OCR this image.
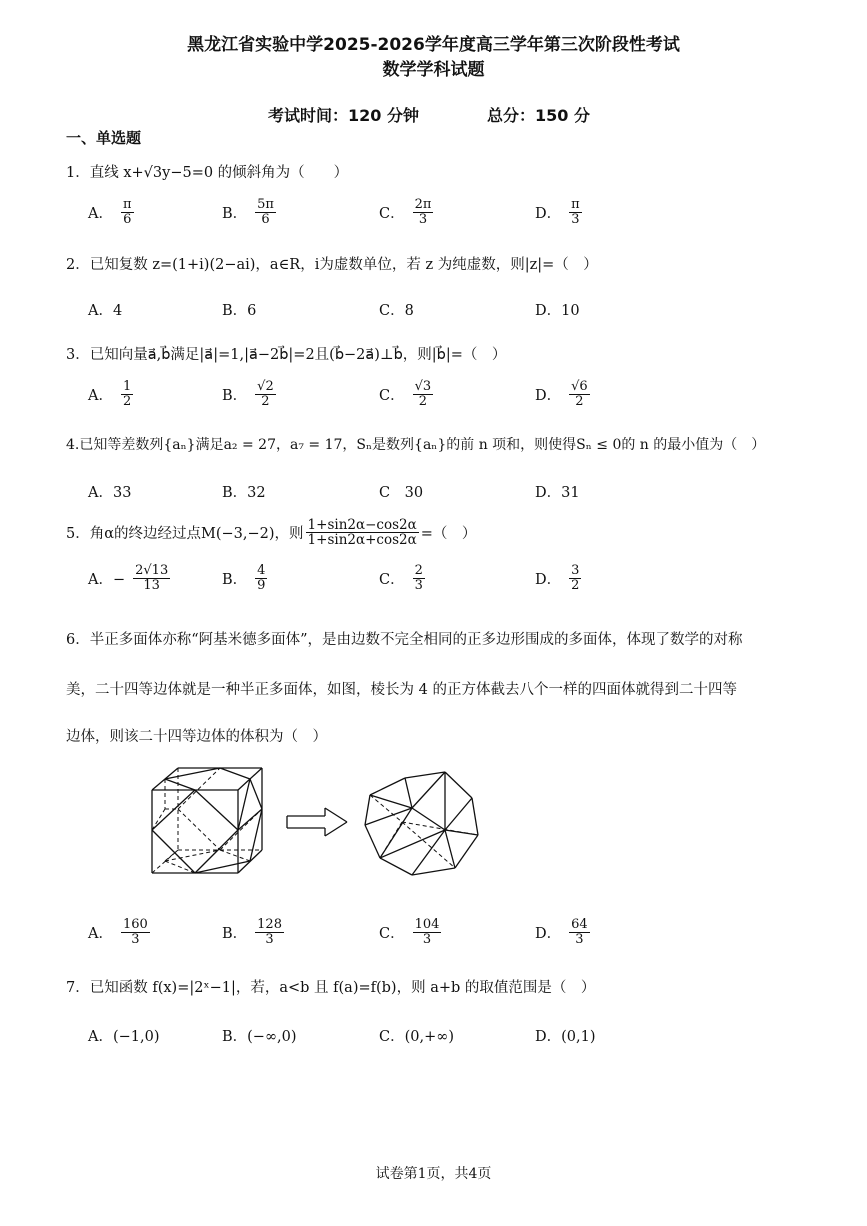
黑龙江省实验中学2025-2026学年度高三学年第三次阶段性考试
数学学科试题
考试时间：120 分钟	总分：150 分
一、单选题
1．直线 x+√3y−5=0 的倾斜角为（　　）
A． $\frac{\pi}{6}$	B． $\frac{5\pi}{6}$	C． $\frac{2\pi}{3}$	D． $\frac{\pi}{3}$
2．已知复数 z=(1+i)(2−ai)，a∈R，i为虚数单位，若 z 为纯虚数，则|z|=（　）
A．4	B．6	C．8	D．10
3．已知向量a⃗,b⃗满足|a⃗|=1,|a⃗−2b⃗|=2且(b⃗−2a⃗)⊥b⃗，则|b⃗|=（　）
A． $\frac{1}{2}$	B． $\frac{√2}{2}$	C． $\frac{√3}{2}$	D． $\frac{√6}{2}$
4.已知等差数列{aₙ}满足a₂ = 27，a₇ = 17，Sₙ是数列{aₙ}的前 n 项和，则使得Sₙ ≤ 0的 n 的最小值为（　）
A．33	B．32	C　30	D．31
5．角α的终边经过点M(−3,−2)，则 $\frac{1+\sin 2\alpha-\cos 2\alpha}{1+\sin 2\alpha+\cos 2\alpha}$ =（　）
A．− $\frac{2√13}{13}$	B． $\frac{4}{9}$	C． $\frac{2}{3}$	D． $\frac{3}{2}$
6．半正多面体亦称“阿基米德多面体”，是由边数不完全相同的正多边形围成的多面体，体现了数学的对称
美，二十四等边体就是一种半正多面体，如图，棱长为 4 的正方体截去八个一样的四面体就得到二十四等
边体，则该二十四等边体的体积为（　）
A． $\frac{160}{3}$	B． $\frac{128}{3}$	C． $\frac{104}{3}$	D． $\frac{64}{3}$
7．已知函数 f(x)=|2ˣ−1|，若，a<b 且 f(a)=f(b)，则 a+b 的取值范围是（　）
A．(−1,0)	B．(−∞,0)	C．(0,+∞)	D．(0,1)
试卷第1页，共4页
